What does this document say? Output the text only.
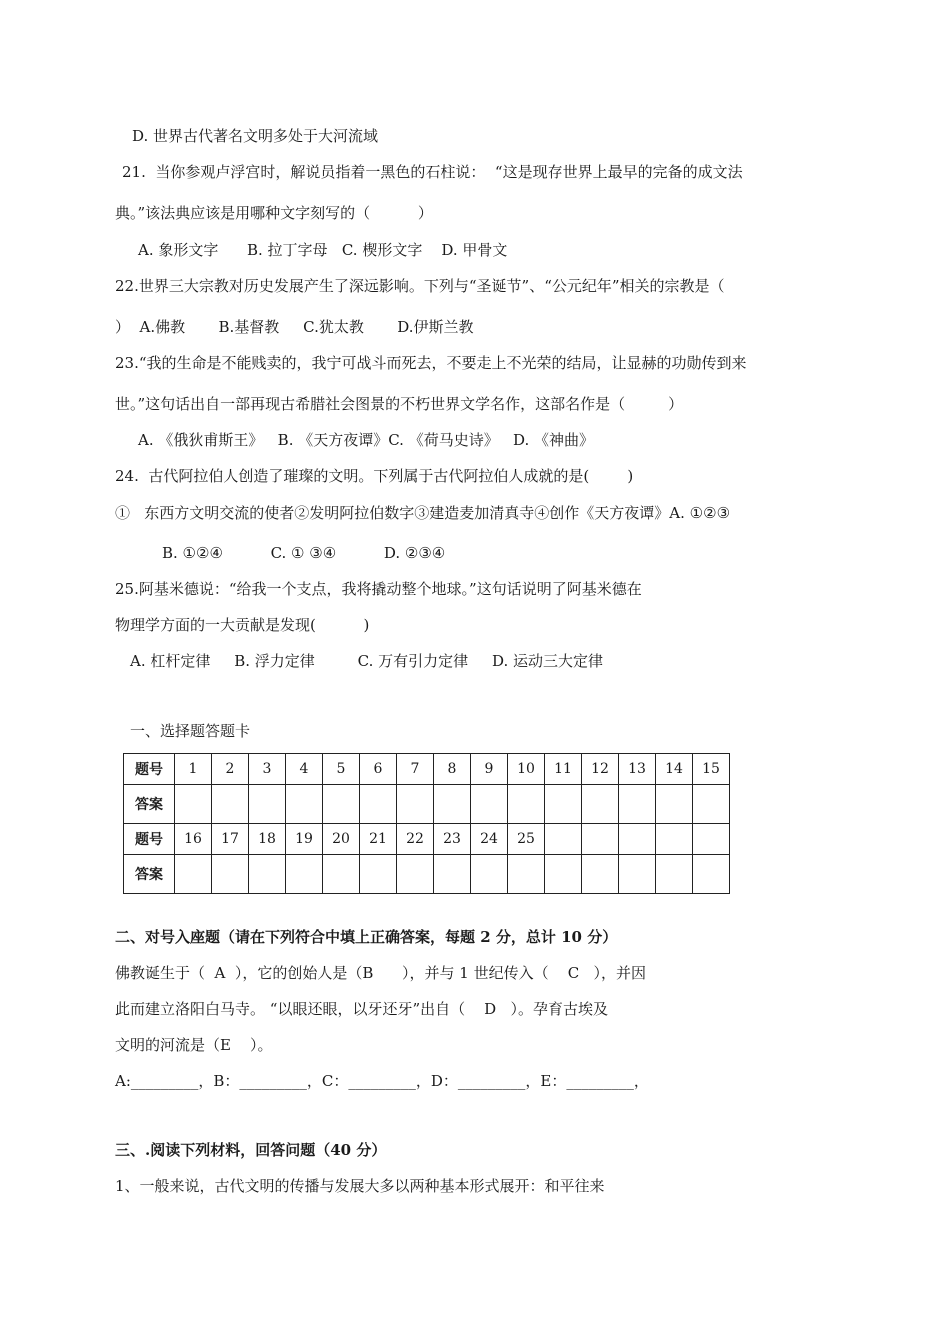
D. 世界古代著名文明多处于大河流域
21.  当你参观卢浮宫时，解说员指着一黑色的石柱说：  “这是现存世界上最早的完备的成文法
典。”该法典应该是用哪种文字刻写的（          ）
A. 象形文字      B. 拉丁字母   C. 楔形文字    D. 甲骨文
22.世界三大宗教对历史发展产生了深远影响。下列与“圣诞节”、“公元纪年”相关的宗教是（
）  A.佛教       B.基督教     C.犹太教       D.伊斯兰教
23.“我的生命是不能贱卖的，我宁可战斗而死去，不要走上不光荣的结局，让显赫的功勋传到来
世。”这句话出自一部再现古希腊社会图景的不朽世界文学名作，这部名作是（         ）
A. 《俄狄甫斯王》   B. 《天方夜谭》C. 《荷马史诗》   D. 《神曲》
24.  古代阿拉伯人创造了璀璨的文明。下列属于古代阿拉伯人成就的是(        )
①   东西方文明交流的使者②发明阿拉伯数字③建造麦加清真寺④创作《天方夜谭》A. ①②③
B. ①②④          C. ① ③④          D. ②③④
25.阿基米德说：“给我一个支点，我将撬动整个地球。”这句话说明了阿基米德在
物理学方面的一大贡献是发现(          )
A. 杠杆定律     B. 浮力定律         C. 万有引力定律     D. 运动三大定律
一、选择题答题卡
题号	1	2	3	4	5	6	7	8	9	10	11	12	13	14	15
答案															
题号	16	17	18	19	20	21	22	23	24	25					
答案															
二、对号入座题（请在下列符合中填上正确答案，每题 2 分，总计 10 分）
佛教诞生于（  A  ），它的创始人是（B      ），并与 1 世纪传入（    C   ），并因
此而建立洛阳白马寺。 “以眼还眼，以牙还牙”出自（    D   ）。孕育古埃及
文明的河流是（E    ）。
A:_________，B：_________，C：_________，D：_________，E：_________，
三、.阅读下列材料，回答问题（40 分）
1、一般来说，古代文明的传播与发展大多以两种基本形式展开：和平往来
